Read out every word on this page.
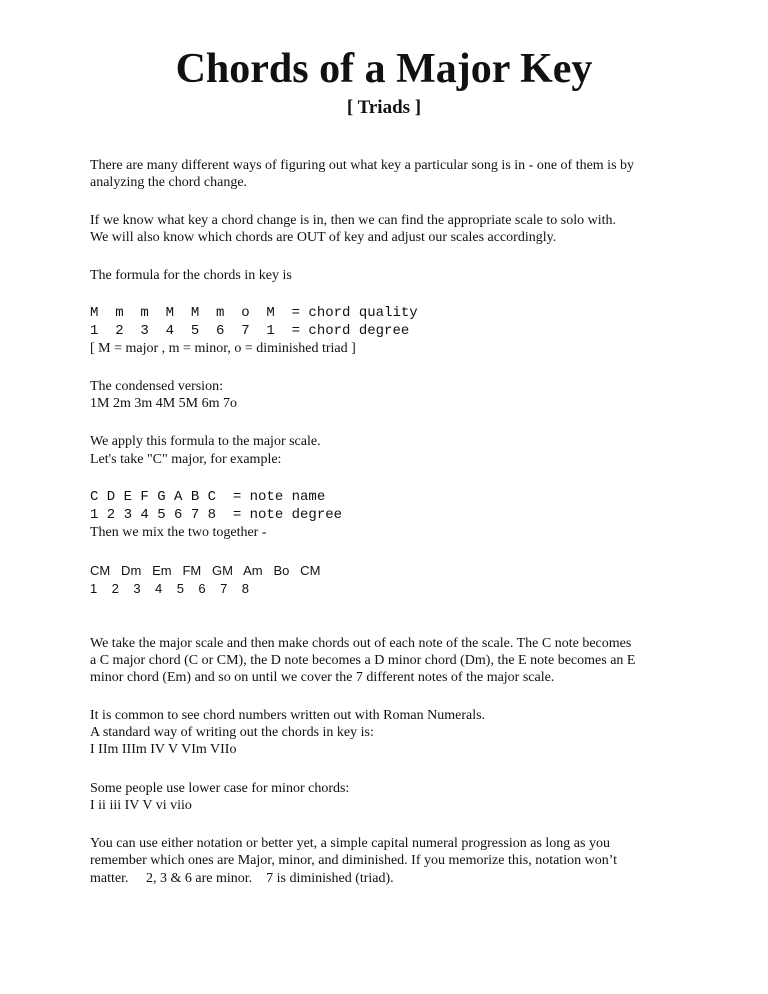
Chords of a Major Key
[ Triads ]
There are many different ways of figuring out what key a particular song is in - one of them is by
analyzing the chord change.
If we know what key a chord change is in, then we can find the appropriate scale to solo with.
We will also know which chords are OUT of key and adjust our scales accordingly.
The formula for the chords in key is
M  m  m  M  M  m  o  M  = chord quality
1  2  3  4  5  6  7  1  = chord degree
[ M = major , m = minor, o = diminished triad ]
The condensed version:
1M 2m 3m 4M 5M 6m 7o
We apply this formula to the major scale.
Let's take "C" major, for example:
C D E F G A B C  = note name
1 2 3 4 5 6 7 8  = note degree
Then we mix the two together -
CM   Dm   Em   FM   GM   Am   Bo   CM
1    2    3    4    5    6    7    8
We take the major scale and then make chords out of each note of the scale. The C note becomes
a C major chord (C or CM), the D note becomes a D minor chord (Dm), the E note becomes an E
minor chord (Em) and so on until we cover the 7 different notes of the major scale.
It is common to see chord numbers written out with Roman Numerals.
A standard way of writing out the chords in key is:
I IIm IIIm IV V VIm VIIo
Some people use lower case for minor chords:
I ii iii IV V vi viio
You can use either notation or better yet, a simple capital numeral progression as long as you
remember which ones are Major, minor, and diminished. If you memorize this, notation won’t
matter.     2, 3 & 6 are minor.    7 is diminished (triad).
